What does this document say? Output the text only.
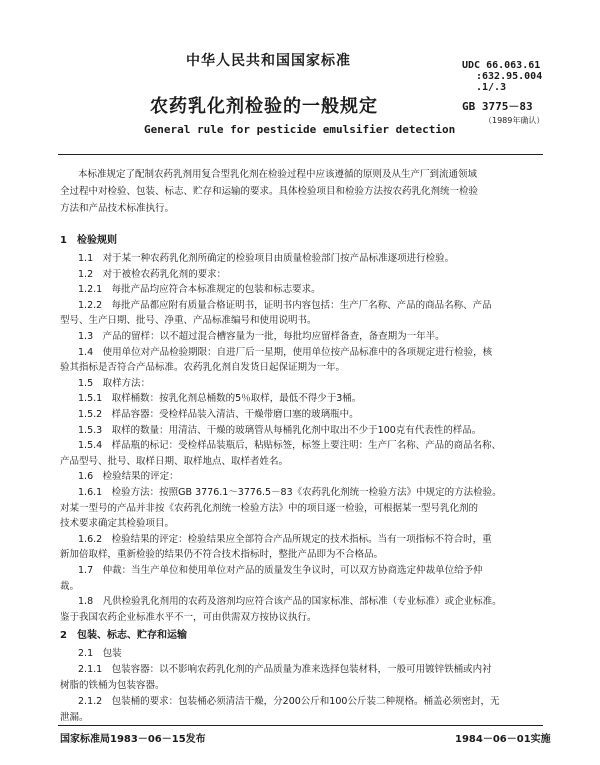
中华人民共和国国家标准	UDC 66.063.61
:632.95.004
.1/.3
农药乳化剂检验的一般规定	GB 3775－83
（1989年确认）
General rule for pesticide emulsifier detection
本标准规定了配制农药乳剂用复合型乳化剂在检验过程中应该遵循的原则及从生产厂到流通领域
全过程中对检验、包装、标志、贮存和运输的要求。具体检验项目和检验方法按农药乳化剂统一检验
方法和产品技术标准执行。
1　检验规则
1.1　对于某一种农药乳化剂所确定的检验项目由质量检验部门按产品标准逐项进行检验。
1.2　对于被检农药乳化剂的要求：
1.2.1　每批产品均应符合本标准规定的包装和标志要求。
1.2.2　每批产品都应附有质量合格证明书，证明书内容包括：生产厂名称、产品的商品名称、产品
型号、生产日期、批号、净重、产品标准编号和使用说明书。
1.3　产品的留样：以不超过混合槽容量为一批，每批均应留样备查，备查期为一年半。
1.4　使用单位对产品检验期限：自进厂后一星期，使用单位按产品标准中的各项规定进行检验，核
验其指标是否符合产品标准。农药乳化剂自发货日起保证期为一年。
1.5　取样方法：
1.5.1　取样桶数：按乳化剂总桶数的5％取样，最低不得少于3桶。
1.5.2　样品容器：受检样品装入清洁、干燥带磨口塞的玻璃瓶中。
1.5.3　取样的数量：用清洁、干燥的玻璃管从每桶乳化剂中取出不少于100克有代表性的样品。
1.5.4　样品瓶的标记：受检样品装瓶后，粘贴标签，标签上要注明：生产厂名称、产品的商品名称、
产品型号、批号、取样日期、取样地点、取样者姓名。
1.6　检验结果的评定：
1.6.1　检验方法：按照GB 3776.1～3776.5－83《农药乳化剂统一检验方法》中规定的方法检验。
对某一型号的产品并非按《农药乳化剂统一检验方法》中的项目逐一检验，可根据某一型号乳化剂的
技术要求确定其检验项目。
1.6.2　检验结果的评定：检验结果应全部符合产品所规定的技术指标。当有一项指标不符合时，重
新加倍取样，重新检验的结果仍不符合技术指标时，整批产品即为不合格品。
1.7　仲裁：当生产单位和使用单位对产品的质量发生争议时，可以双方协商选定仲裁单位给予仲
裁。
1.8　凡供检验乳化剂用的农药及溶剂均应符合该产品的国家标准、部标准（专业标准）或企业标准。
鉴于我国农药企业标准水平不一，可由供需双方按协议执行。
2　包装、标志、贮存和运输
2.1　包装
2.1.1　包装容器：以不影响农药乳化剂的产品质量为准来选择包装材料，一般可用镀锌铁桶或内衬
树脂的铁桶为包装容器。
2.1.2　包装桶的要求：包装桶必须清洁干燥，分200公斤和100公斤装二种规格。桶盖必须密封，无
泄漏。
国家标准局1983－06－15发布	1984－06－01实施
